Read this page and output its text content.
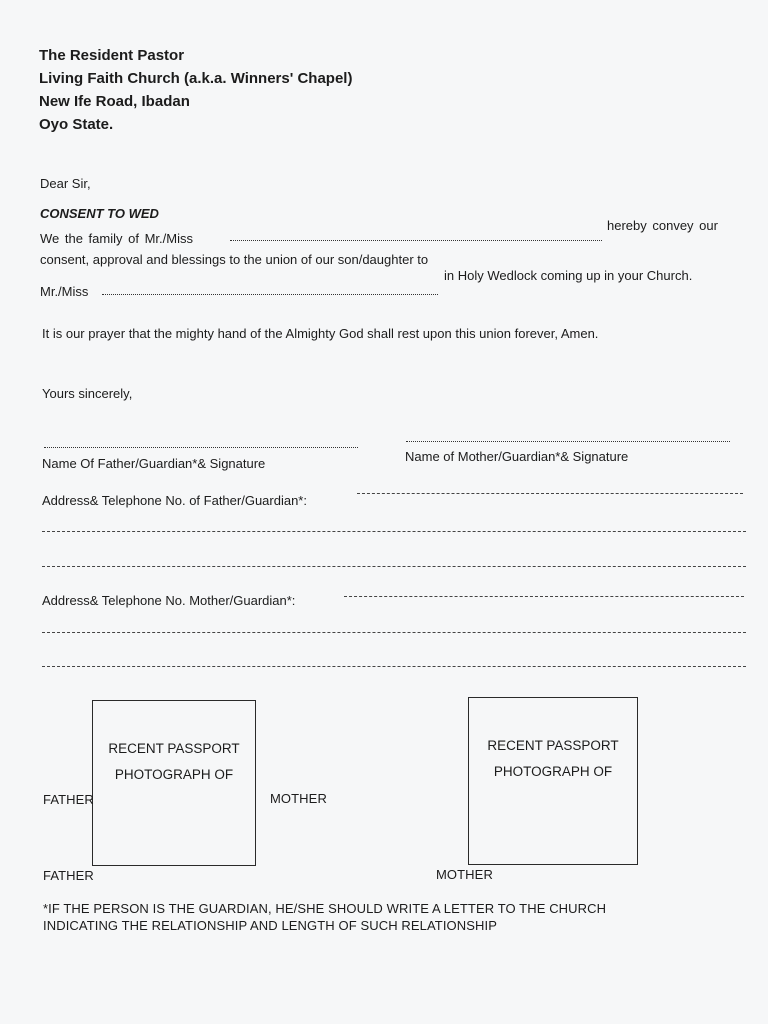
The Resident Pastor
Living Faith Church (a.k.a. Winners' Chapel)
New Ife Road, Ibadan
Oyo State.
Dear Sir,
CONSENT TO WED
We the family of Mr./Miss
hereby convey our
consent, approval and blessings to the union of our son/daughter to
Mr./Miss
in Holy Wedlock coming up in your Church.
It is our prayer that the mighty hand of the Almighty God shall rest upon this union forever, Amen.
Yours sincerely,
Name Of Father/Guardian*& Signature	Name of Mother/Guardian*& Signature
Address& Telephone No. of Father/Guardian*:
Address& Telephone No. Mother/Guardian*:
RECENT PASSPORT
PHOTOGRAPH OF
FATHER	MOTHER
RECENT PASSPORT
PHOTOGRAPH OF
FATHER	MOTHER
*IF THE PERSON IS THE GUARDIAN, HE/SHE SHOULD WRITE A LETTER TO THE CHURCH
INDICATING THE RELATIONSHIP AND LENGTH OF SUCH RELATIONSHIP
